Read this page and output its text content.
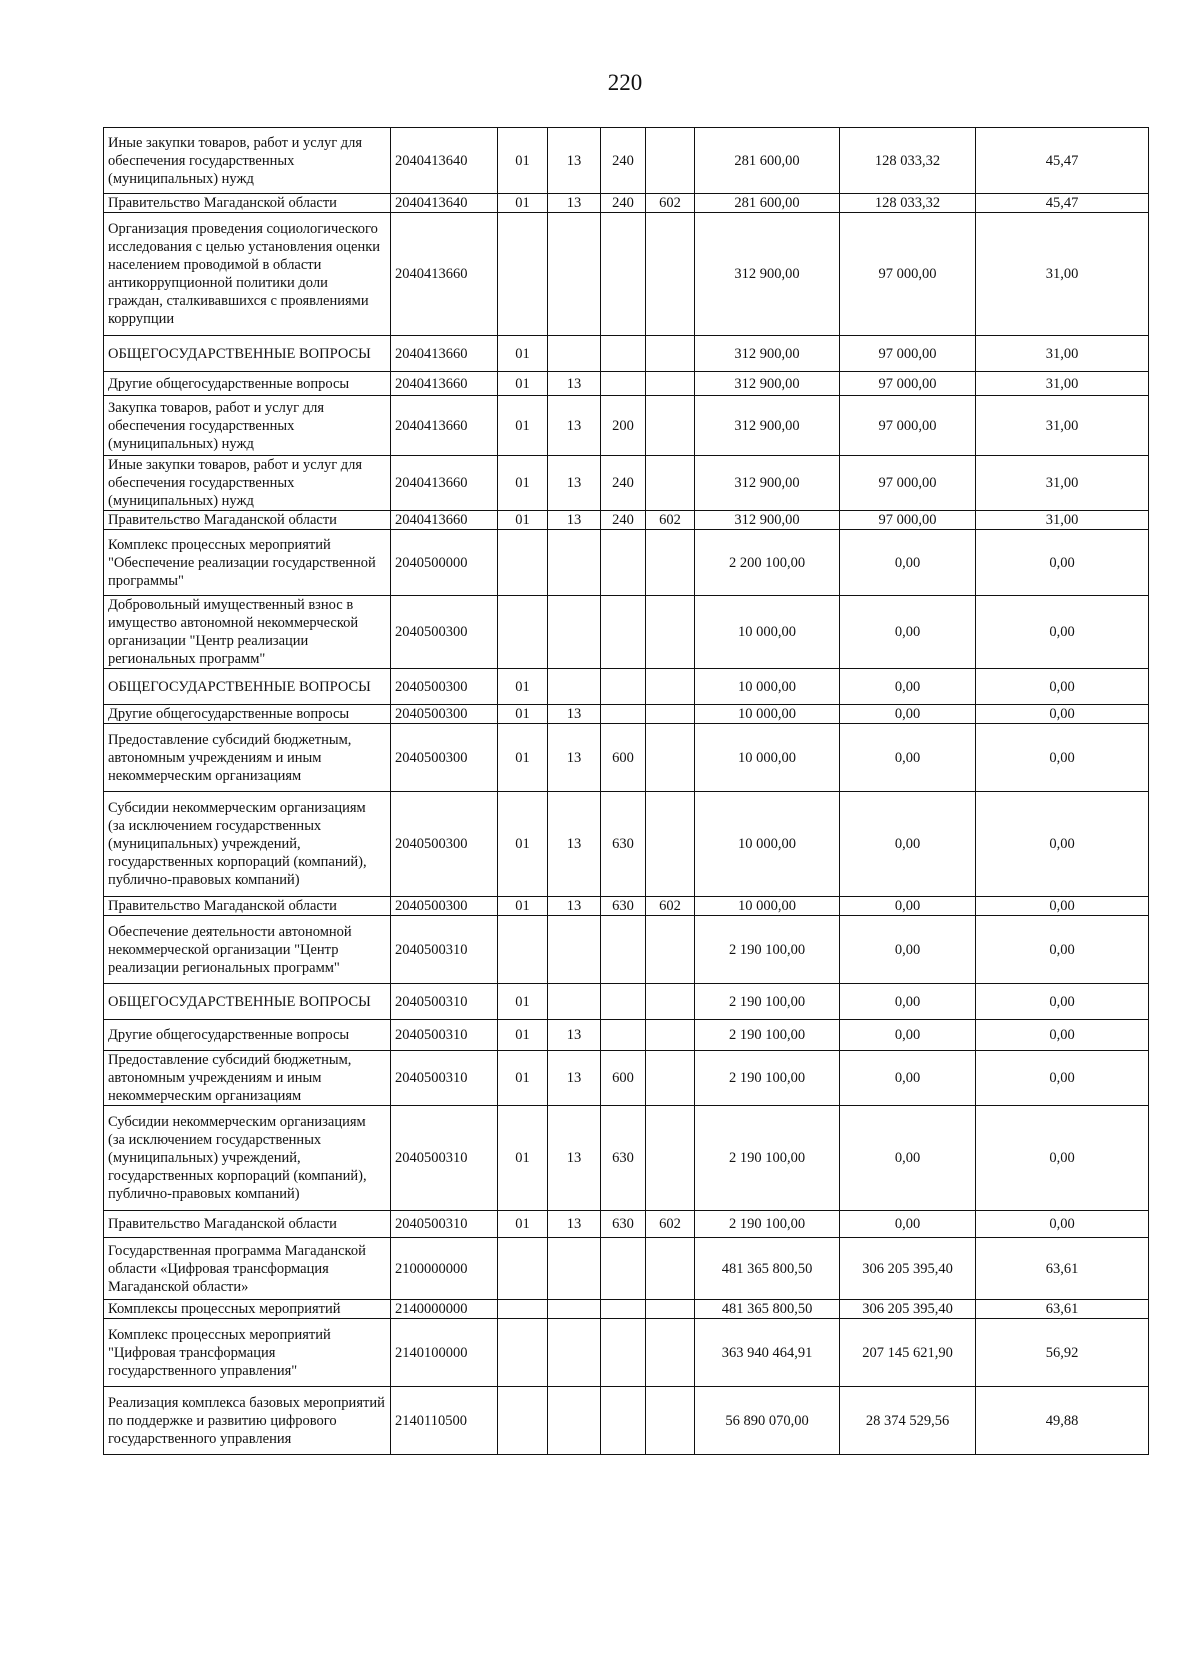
220
Иные закупки товаров, работ и услуг для обеспечения государственных (муниципальных) нужд	2040413640	01	13	240		281 600,00	128 033,32	45,47
Правительство Магаданской области	2040413640	01	13	240	602	281 600,00	128 033,32	45,47
Организация проведения социологического исследования с целью установления оценки населением проводимой в области антикоррупционной политики доли граждан, сталкивавшихся с проявлениями коррупции	2040413660					312 900,00	97 000,00	31,00
ОБЩЕГОСУДАРСТВЕННЫЕ ВОПРОСЫ	2040413660	01				312 900,00	97 000,00	31,00
Другие общегосударственные вопросы	2040413660	01	13			312 900,00	97 000,00	31,00
Закупка товаров, работ и услуг для обеспечения государственных (муниципальных) нужд	2040413660	01	13	200		312 900,00	97 000,00	31,00
Иные закупки товаров, работ и услуг для обеспечения государственных (муниципальных) нужд	2040413660	01	13	240		312 900,00	97 000,00	31,00
Правительство Магаданской области	2040413660	01	13	240	602	312 900,00	97 000,00	31,00
Комплекс процессных мероприятий "Обеспечение реализации государственной программы"	2040500000					2 200 100,00	0,00	0,00
Добровольный имущественный взнос в имущество автономной некоммерческой организации "Центр реализации региональных программ"	2040500300					10 000,00	0,00	0,00
ОБЩЕГОСУДАРСТВЕННЫЕ ВОПРОСЫ	2040500300	01				10 000,00	0,00	0,00
Другие общегосударственные вопросы	2040500300	01	13			10 000,00	0,00	0,00
Предоставление субсидий бюджетным, автономным учреждениям и иным некоммерческим организациям	2040500300	01	13	600		10 000,00	0,00	0,00
Субсидии некоммерческим организациям (за исключением государственных (муниципальных) учреждений, государственных корпораций (компаний), публично-правовых компаний)	2040500300	01	13	630		10 000,00	0,00	0,00
Правительство Магаданской области	2040500300	01	13	630	602	10 000,00	0,00	0,00
Обеспечение деятельности автономной некоммерческой организации "Центр реализации региональных программ"	2040500310					2 190 100,00	0,00	0,00
ОБЩЕГОСУДАРСТВЕННЫЕ ВОПРОСЫ	2040500310	01				2 190 100,00	0,00	0,00
Другие общегосударственные вопросы	2040500310	01	13			2 190 100,00	0,00	0,00
Предоставление субсидий бюджетным, автономным учреждениям и иным некоммерческим организациям	2040500310	01	13	600		2 190 100,00	0,00	0,00
Субсидии некоммерческим организациям (за исключением государственных (муниципальных) учреждений, государственных корпораций (компаний), публично-правовых компаний)	2040500310	01	13	630		2 190 100,00	0,00	0,00
Правительство Магаданской области	2040500310	01	13	630	602	2 190 100,00	0,00	0,00
Государственная программа Магаданской области «Цифровая трансформация Магаданской области»	2100000000					481 365 800,50	306 205 395,40	63,61
Комплексы процессных мероприятий	2140000000					481 365 800,50	306 205 395,40	63,61
Комплекс процессных мероприятий "Цифровая трансформация государственного управления"	2140100000					363 940 464,91	207 145 621,90	56,92
Реализация комплекса базовых мероприятий по поддержке и развитию цифрового государственного управления	2140110500					56 890 070,00	28 374 529,56	49,88
